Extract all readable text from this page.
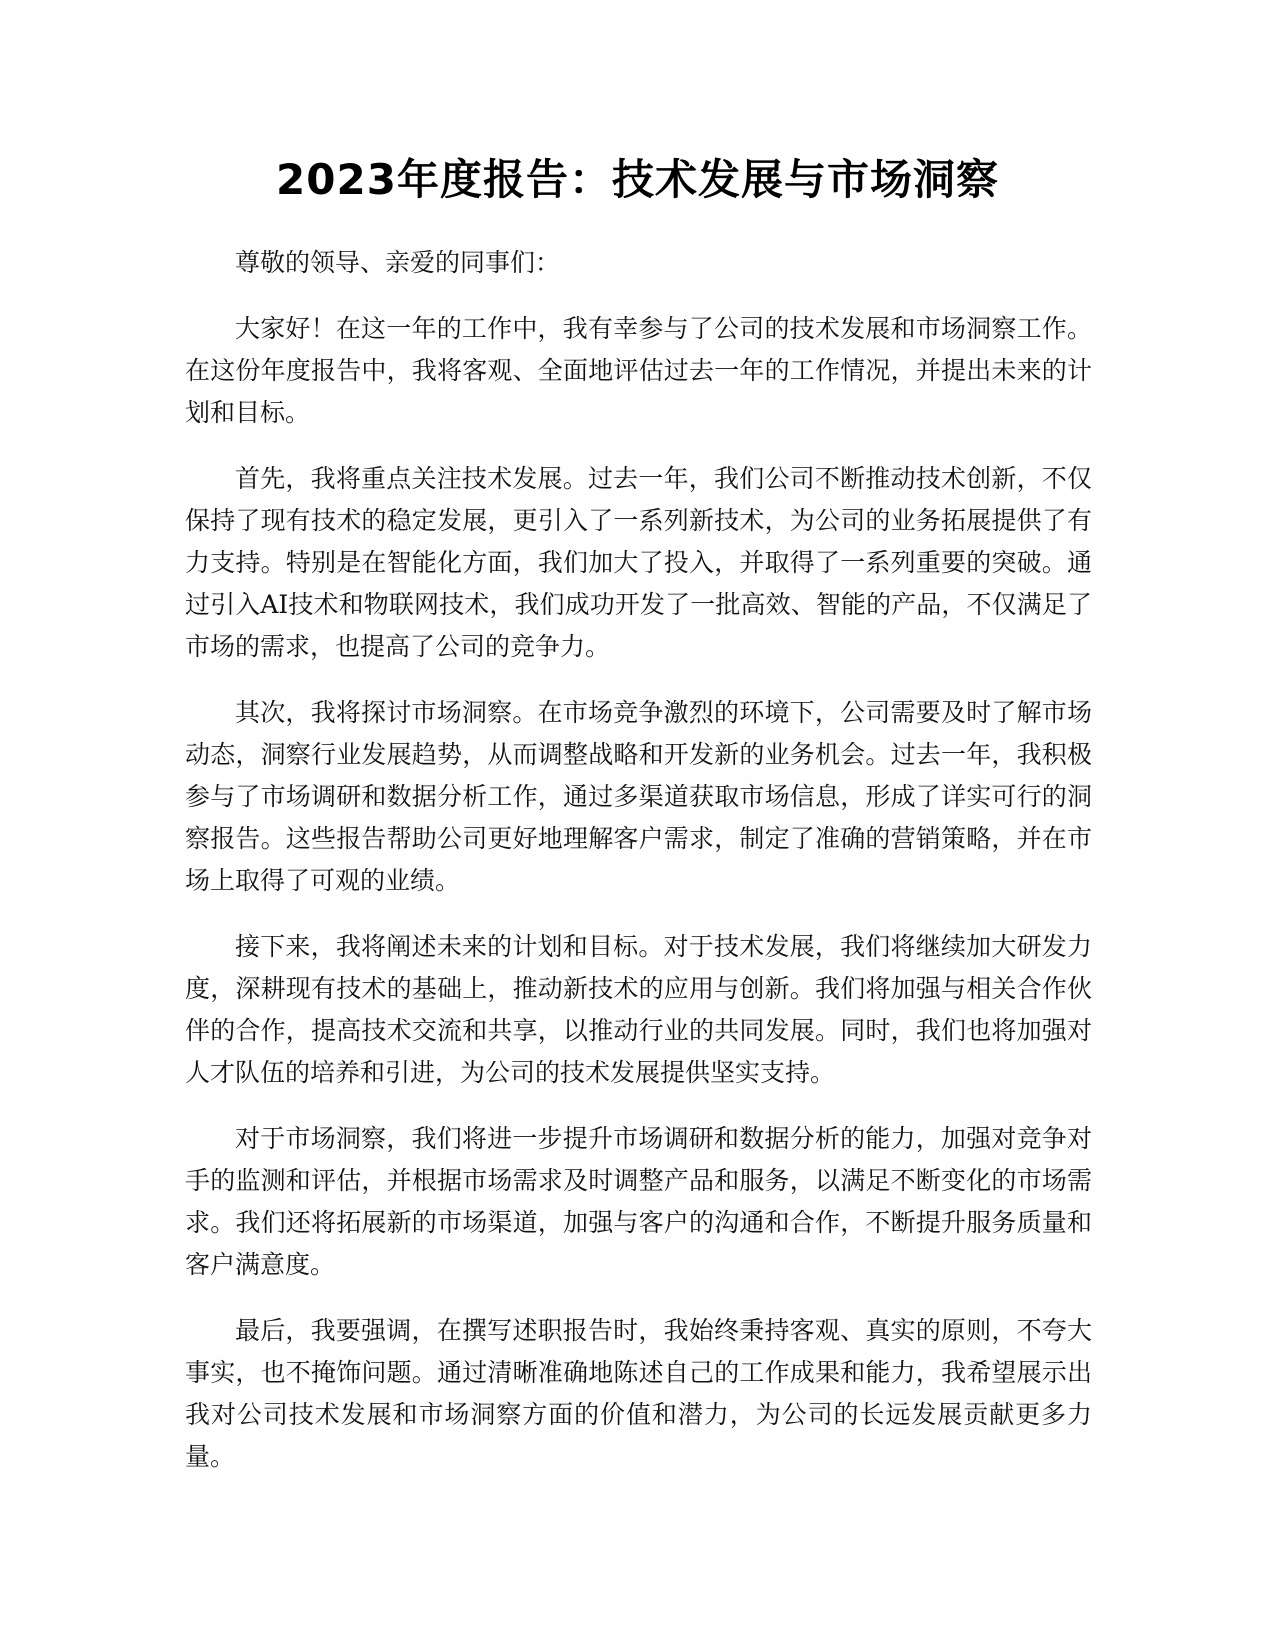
2023年度报告：技术发展与市场洞察

尊敬的领导、亲爱的同事们：

大家好！在这一年的工作中，我有幸参与了公司的技术发展和市场洞察工作。在这份年度报告中，我将客观、全面地评估过去一年的工作情况，并提出未来的计划和目标。

首先，我将重点关注技术发展。过去一年，我们公司不断推动技术创新，不仅保持了现有技术的稳定发展，更引入了一系列新技术，为公司的业务拓展提供了有力支持。特别是在智能化方面，我们加大了投入，并取得了一系列重要的突破。通过引入AI技术和物联网技术，我们成功开发了一批高效、智能的产品，不仅满足了市场的需求，也提高了公司的竞争力。

其次，我将探讨市场洞察。在市场竞争激烈的环境下，公司需要及时了解市场动态，洞察行业发展趋势，从而调整战略和开发新的业务机会。过去一年，我积极参与了市场调研和数据分析工作，通过多渠道获取市场信息，形成了详实可行的洞察报告。这些报告帮助公司更好地理解客户需求，制定了准确的营销策略，并在市场上取得了可观的业绩。

接下来，我将阐述未来的计划和目标。对于技术发展，我们将继续加大研发力度，深耕现有技术的基础上，推动新技术的应用与创新。我们将加强与相关合作伙伴的合作，提高技术交流和共享，以推动行业的共同发展。同时，我们也将加强对人才队伍的培养和引进，为公司的技术发展提供坚实支持。

对于市场洞察，我们将进一步提升市场调研和数据分析的能力，加强对竞争对手的监测和评估，并根据市场需求及时调整产品和服务，以满足不断变化的市场需求。我们还将拓展新的市场渠道，加强与客户的沟通和合作，不断提升服务质量和客户满意度。

最后，我要强调，在撰写述职报告时，我始终秉持客观、真实的原则，不夸大事实，也不掩饰问题。通过清晰准确地陈述自己的工作成果和能力，我希望展示出我对公司技术发展和市场洞察方面的价值和潜力，为公司的长远发展贡献更多力量。
